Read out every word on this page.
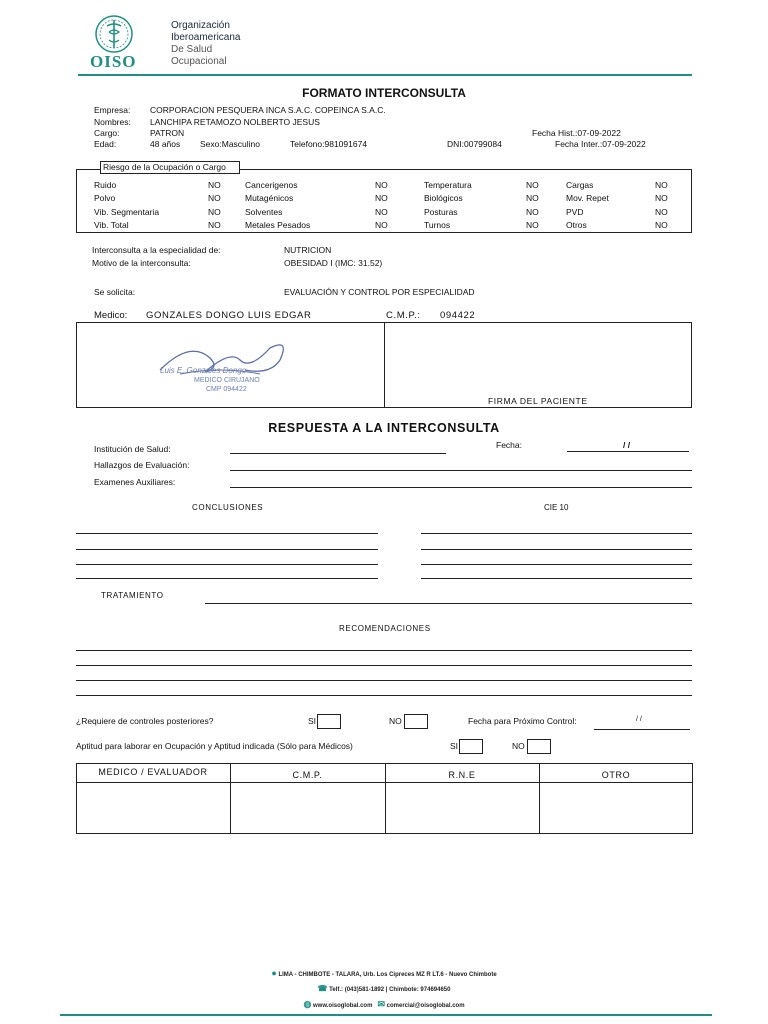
OISO
Organización
Iberoamericana
De Salud
Ocupacional
FORMATO INTERCONSULTA
Empresa: CORPORACION PESQUERA INCA S.A.C. COPEINCA S.A.C.
Nombres: LANCHIPA RETAMOZO NOLBERTO JESUS
Cargo:	PATRON	Fecha Hist.:07-09-2022
Edad:	48 años Sexo:Masculino	Telefono:981091674	DNI:00799084	Fecha Inter.:07-09-2022
Riesgo de la Ocupación o Cargo
Ruido	NO	Cancerigenos	NO	Temperatura	NO	Cargas	NO
Polvo	NO	Mutagénicos	NO	Biológicos	NO	Mov. Repet	NO
Vib. Segmentaria	NO	Solventes	NO	Posturas	NO	PVD	NO
Vib. Total	NO	Metales Pesados	NO	Turnos	NO	Otros	NO
Interconsulta a la especialidad de:	NUTRICION
Motivo de la interconsulta:	OBESIDAD I (IMC: 31.52)
Se solicita:	EVALUACIÓN Y CONTROL POR ESPECIALIDAD
Medico: GONZALES DONGO LUIS EDGAR	C.M.P.: 094422
Luis E. Gonzales Dongo
MEDICO CIRUJANO
CMP 094422
FIRMA DEL PACIENTE
RESPUESTA A LA INTERCONSULTA
Institución de Salud:	Fecha:	/ /
Hallazgos de Evaluación:
Examenes Auxiliares:
CONCLUSIONES	CIE 10
TRATAMIENTO
RECOMENDACIONES
¿Requiere de controles posteriores?	SI	NO	Fecha para Próximo Control:	/ /
Aptitud para laborar en Ocupación y Aptitud indicada (Sólo para Médicos)	SI	NO
MEDICO / EVALUADOR	C.M.P.	R.N.E	OTRO
● LIMA - CHIMBOTE - TALARA, Urb. Los Cipreces MZ R LT.6 - Nuevo Chimbote
☎ Telf.: (043)581-1892 | Chimbote: 974694650
◍ www.oisoglobal.com ✉ comercial@oisoglobal.com
